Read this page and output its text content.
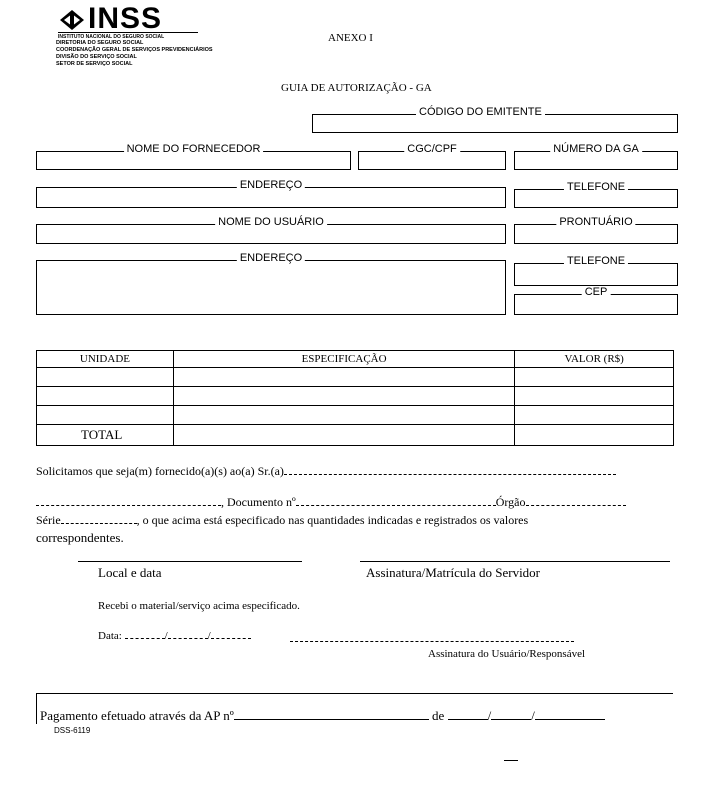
INSS
INSTITUTO NACIONAL DO SEGURO SOCIAL
DIRETORIA DO SEGURO SOCIAL
COORDENAÇÃO GERAL DE SERVIÇOS PREVIDENCIÁRIOS
DIVISÃO DO SERVIÇO SOCIAL
SETOR DE SERVIÇO SOCIAL
ANEXO I
GUIA DE AUTORIZAÇÃO - GA
CÓDIGO DO EMITENTE
NOME DO FORNECEDOR	CGC/CPF	NÚMERO DA GA
ENDEREÇO	TELEFONE
NOME DO USUÁRIO	PRONTUÁRIO
ENDEREÇO	TELEFONE
CEP
UNIDADE	ESPECIFICAÇÃO	VALOR (R$)

TOTAL		
Solicitamos que seja(m) fornecido(a)(s) ao(a) Sr.(a)
, Documento nº	Órgão
Série	, o que acima está especificado nas quantidades indicadas e registrados os valores
correspondentes.
Local e data	Assinatura/Matrícula do Servidor
Recebi o material/serviço acima especificado.
Data:	/	/
Assinatura do Usuário/Responsável
Pagamento efetuado através da AP nº	de	/	/
DSS-6119
